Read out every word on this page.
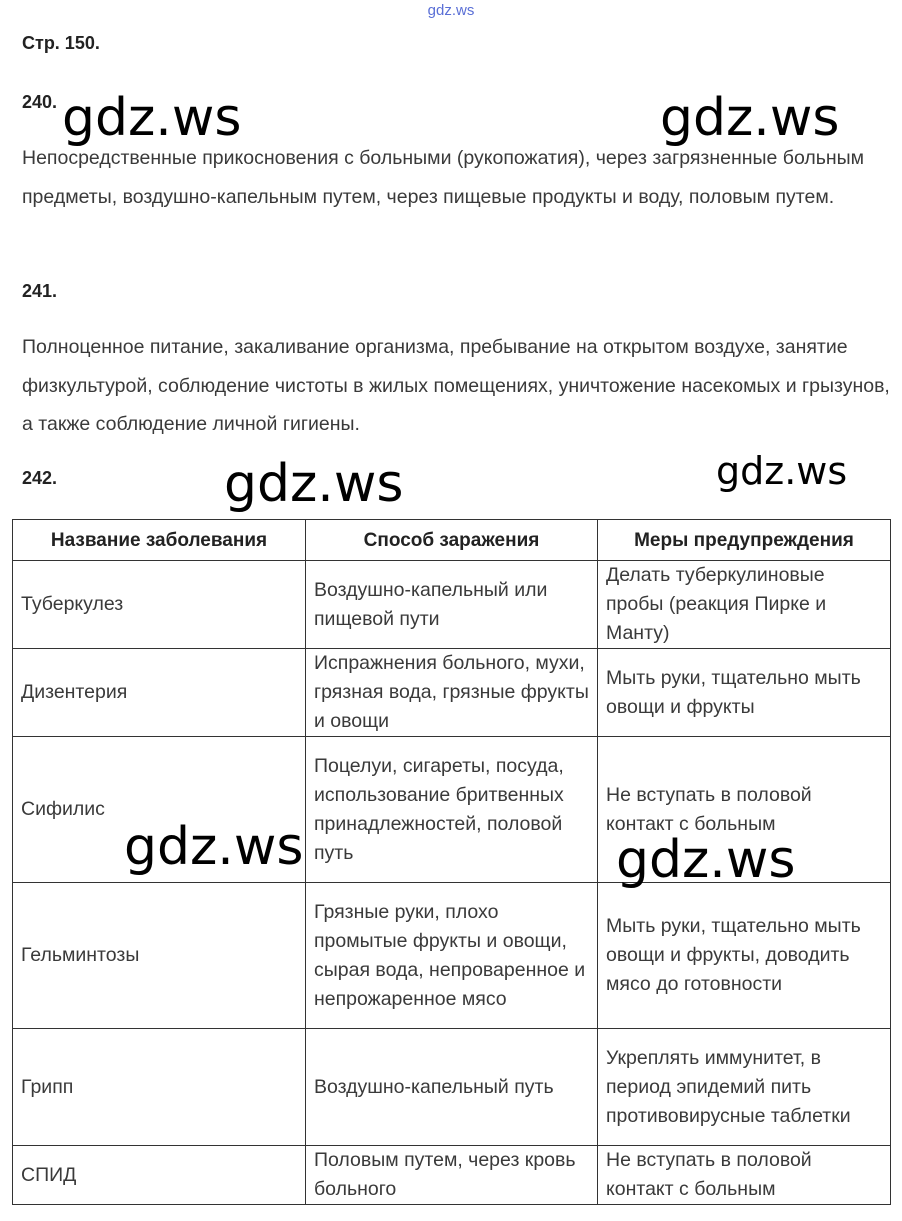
gdz.ws
Стр. 150.
240.
Непосредственные прикосновения с больными (рукопожатия), через загрязненные больным предметы, воздушно-капельным путем, через пищевые продукты и воду, половым путем.
241.
Полноценное питание, закаливание организма, пребывание на открытом воздухе, занятие физкультурой, соблюдение чистоты в жилых помещениях, уничтожение насекомых и грызунов, а также соблюдение личной гигиены.
242.
Название заболевания	Способ заражения	Меры предупреждения
Туберкулез	Воздушно-капельный или пищевой пути	Делать туберкулиновые пробы (реакция Пирке и Манту)
Дизентерия	Испражнения больного, мухи, грязная вода, грязные фрукты и овощи	Мыть руки, тщательно мыть овощи и фрукты
Сифилис	Поцелуи, сигареты, посуда, использование бритвенных принадлежностей, половой путь	Не вступать в половой контакт с больным
Гельминтозы	Грязные руки, плохо промытые фрукты и овощи, сырая вода, непроваренное и непрожаренное мясо	Мыть руки, тщательно мыть овощи и фрукты, доводить мясо до готовности
Грипп	Воздушно-капельный путь	Укреплять иммунитет, в период эпидемий пить противовирусные таблетки
СПИД	Половым путем, через кровь больного	Не вступать в половой контакт с больным
gdz.ws	gdz.ws
gdz.ws	gdz.ws
gdz.ws	gdz.ws
